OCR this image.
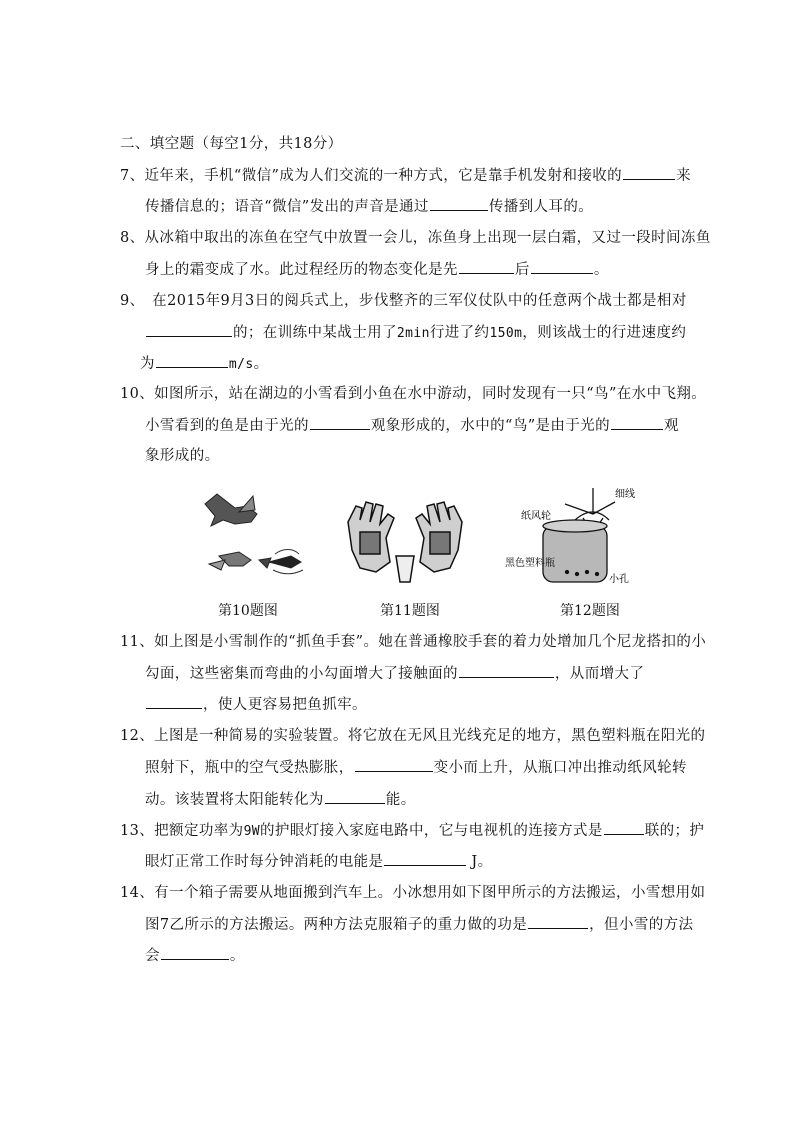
二、填空题（每空1分，共18分）
7、近年来，手机“微信”成为人们交流的一种方式，它是靠手机发射和接收的	来
传播信息的；语音“微信”发出的声音是通过	传播到人耳的。
8、从冰箱中取出的冻鱼在空气中放置一会儿，冻鱼身上出现一层白霜，又过一段时间冻鱼
身上的霜变成了水。此过程经历的物态变化是先	后	。
9、　在2015年9月3日的阅兵式上，步伐整齐的三军仪仗队中的任意两个战士都是相对
的；在训练中某战士用了2min行进了约150m，则该战士的行进速度约
为	m/s。
10、如图所示，站在湖边的小雪看到小鱼在水中游动，同时发现有一只“鸟”在水中飞翔。
小雪看到的鱼是由于光的	观象形成的，水中的“鸟”是由于光的	观
象形成的。
细线
纸风轮
黑色塑料瓶
小孔
第10题图	第11题图	第12题图
11、如上图是小雪制作的“抓鱼手套”。她在普通橡胶手套的着力处增加几个尼龙搭扣的小
勾面，这些密集而弯曲的小勾面增大了接触面的	，从而增大了
，使人更容易把鱼抓牢。
12、上图是一种简易的实验装置。将它放在无风且光线充足的地方，黑色塑料瓶在阳光的
照射下，瓶中的空气受热膨胀，	变小而上升，从瓶口冲出推动纸风轮转
动。该装置将太阳能转化为	能。
13、把额定功率为9W的护眼灯接入家庭电路中，它与电视机的连接方式是	联的；护
眼灯正常工作时每分钟消耗的电能是	J。
14、有一个箱子需要从地面搬到汽车上。小冰想用如下图甲所示的方法搬运，小雪想用如
图7乙所示的方法搬运。两种方法克服箱子的重力做的功是	，但小雪的方法
会	。
